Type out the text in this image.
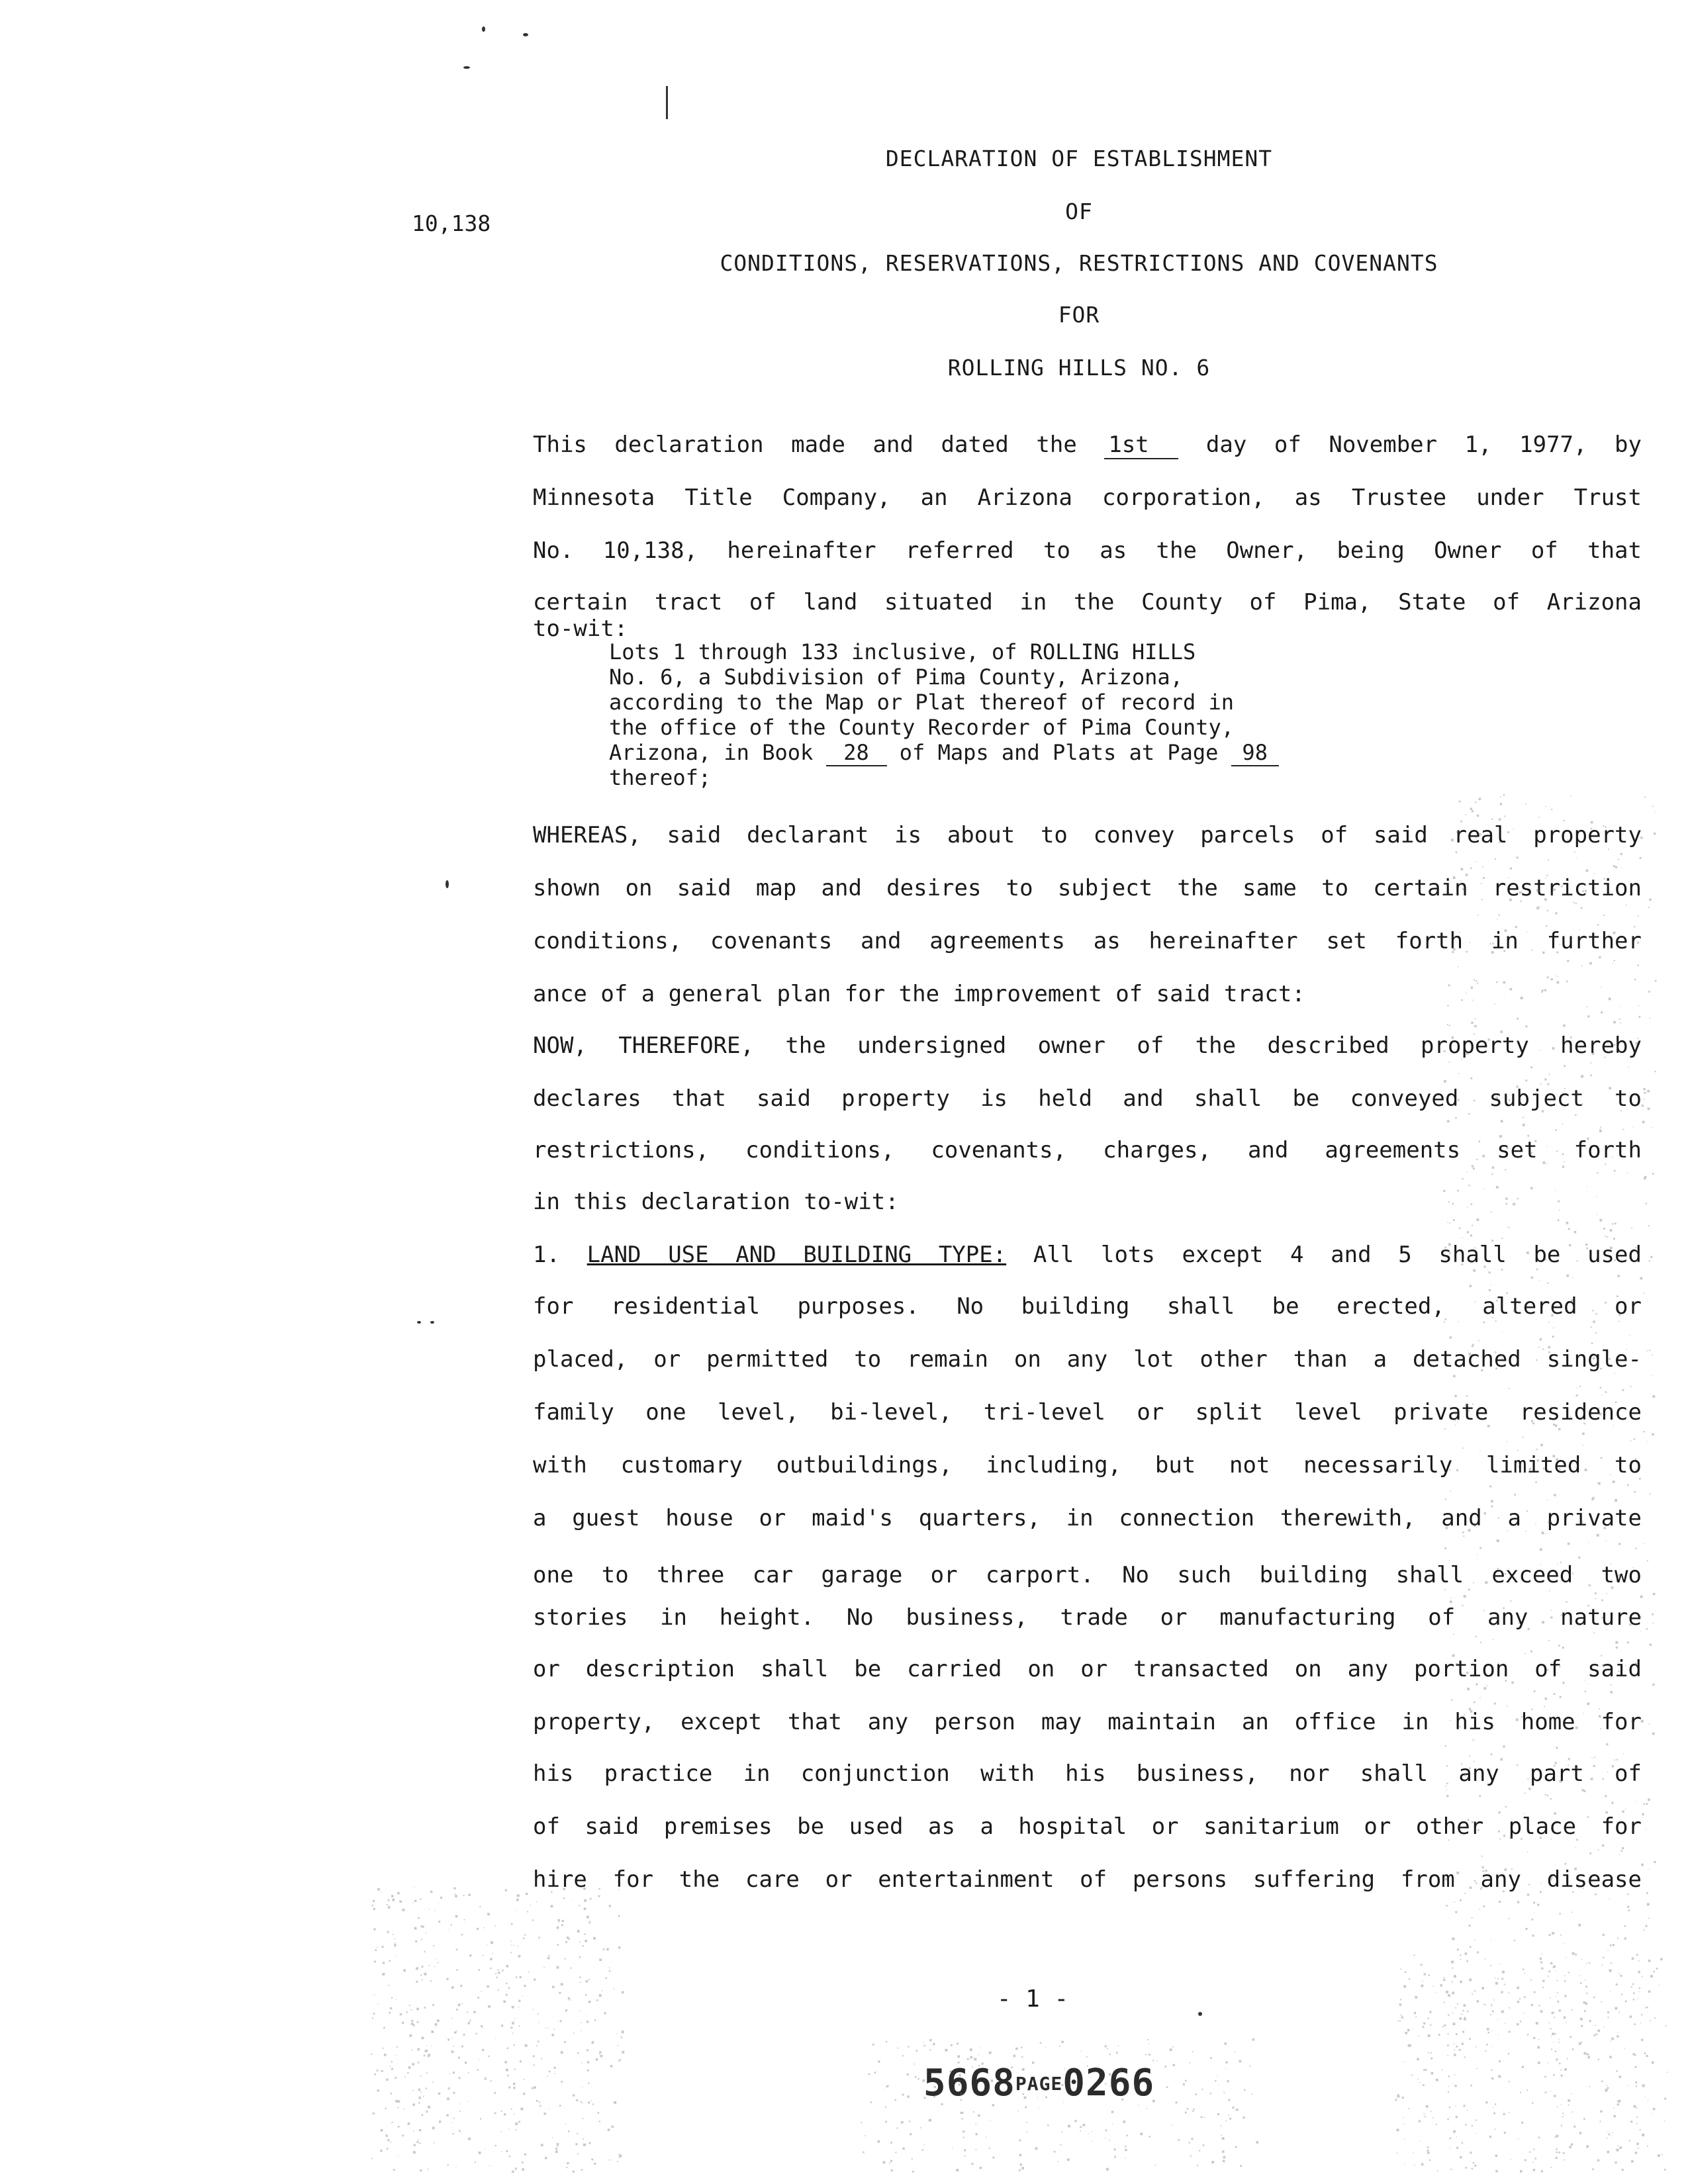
10,138
DECLARATION OF ESTABLISHMENT
OF
CONDITIONS, RESERVATIONS, RESTRICTIONS AND COVENANTS
FOR
ROLLING HILLS NO. 6
This declaration made and dated the 1st	day of November 1, 1977, by
Minnesota Title Company, an Arizona corporation, as Trustee under Trust
No. 10,138, hereinafter referred to as the Owner, being Owner of that
certain tract of land situated in the County of Pima, State of Arizona
to-wit:
Lots 1 through 133 inclusive, of ROLLING HILLS
No. 6, a Subdivision of Pima County, Arizona,
according to the Map or Plat thereof of record in
the office of the County Recorder of Pima County,
Arizona, in Book 28 of Maps and Plats at Page 98
thereof;
WHEREAS, said declarant is about to convey parcels of said real property
shown on said map and desires to subject the same to certain restriction
conditions, covenants and agreements as hereinafter set forth in further
ance of a general plan for the improvement of said tract:
NOW, THEREFORE, the undersigned owner of the described property hereby
declares that said property is held and shall be conveyed subject to
restrictions, conditions, covenants, charges, and agreements set forth
in this declaration to-wit:
1. LAND USE AND BUILDING TYPE: All lots except 4 and 5 shall be used
for residential purposes. No building shall be erected, altered or
placed, or permitted to remain on any lot other than a detached single-
family one level, bi-level, tri-level or split level private residence
with customary outbuildings, including, but not necessarily limited to
a guest house or maid's quarters, in connection therewith, and a private
one to three car garage or carport. No such building shall exceed two
stories in height. No business, trade or manufacturing of any nature
or description shall be carried on or transacted on any portion of said
property, except that any person may maintain an office in his home for
his practice in conjunction with his business, nor shall any part of
of said premises be used as a hospital or sanitarium or other place for
hire for the care or entertainment of persons suffering from any disease
- 1 -
5668PAGE0266
